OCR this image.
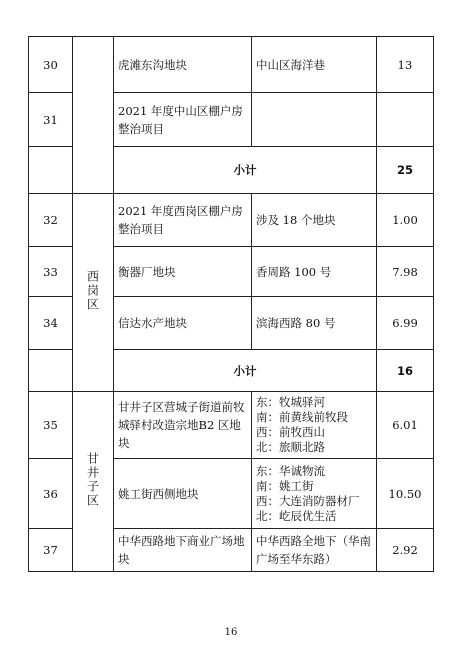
30		虎滩东沟地块	中山区海洋巷	13
31		2021 年度中山区棚户房整治项目		
		小计		25
32	西岗区	2021 年度西岗区棚户房整治项目	涉及 18 个地块	1.00
33		衡器厂地块	香周路 100 号	7.98
34		信达水产地块	滨海西路 80 号	6.99
		小计		16
35	甘井子区	甘井子区营城子街道前牧城驿村改造宗地B2 区地块	东：牧城驿河
南：前黄线前牧段
西：前牧西山
北：旅顺北路	6.01
36		姚工街西侧地块	东：华诚物流
南：姚工街
西：大连消防器材厂
北：屹辰优生活	10.50
37		中华西路地下商业广场地块	中华西路全地下（华南广场至华东路）	2.92
16
